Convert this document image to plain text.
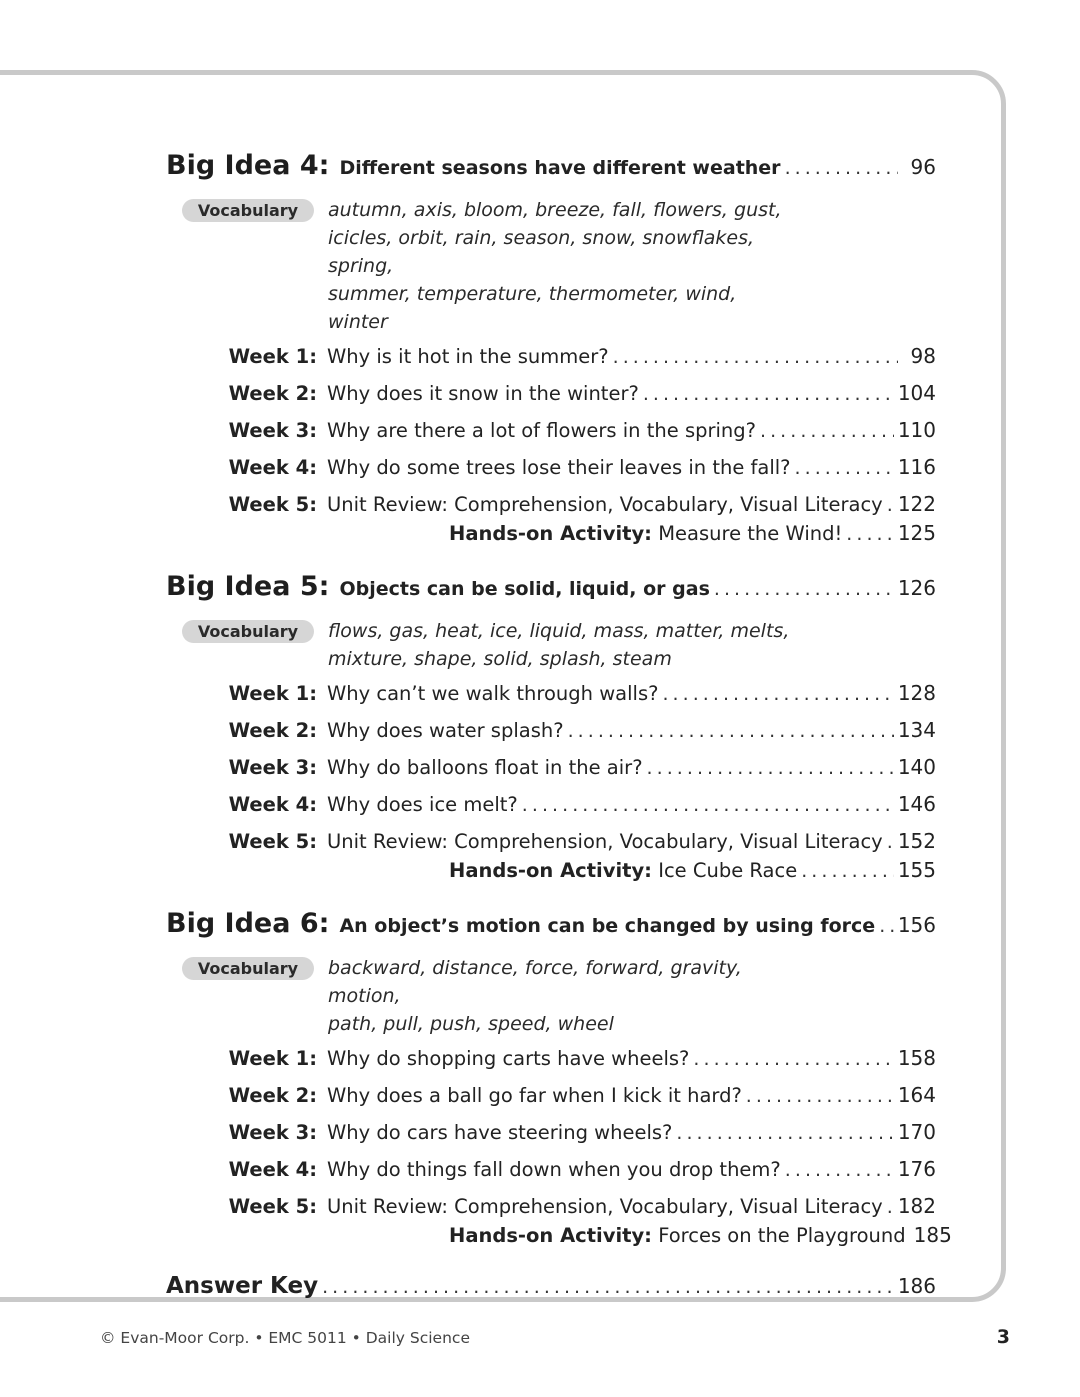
Big Idea 4: Different seasons have different weather . . .	96
Vocabulary	autumn, axis, bloom, breeze, fall, flowers, gust,
icicles, orbit, rain, season, snow, snowflakes, spring,
summer, temperature, thermometer, wind, winter
Week 1: Why is it hot in the summer? . . .	98
Week 2: Why does it snow in the winter? . . .	104
Week 3: Why are there a lot of flowers in the spring? . . .	110
Week 4: Why do some trees lose their leaves in the fall? . . .	116
Week 5: Unit Review: Comprehension, Vocabulary, Visual Literacy . . . 122
Hands-on Activity: Measure the Wind! . . .	125
Big Idea 5: Objects can be solid, liquid, or gas . . .	126
Vocabulary	flows, gas, heat, ice, liquid, mass, matter, melts,
mixture, shape, solid, splash, steam
Week 1: Why can’t we walk through walls? . . .	128
Week 2: Why does water splash? . . .	134
Week 3: Why do balloons float in the air? . . .	140
Week 4: Why does ice melt? . . .	146
Week 5: Unit Review: Comprehension, Vocabulary, Visual Literacy . . . 152
Hands-on Activity: Ice Cube Race . . .	155
Big Idea 6: An object’s motion can be changed by using force . . . 156
Vocabulary	backward, distance, force, forward, gravity, motion,
path, pull, push, speed, wheel
Week 1: Why do shopping carts have wheels? . . .	158
Week 2: Why does a ball go far when I kick it hard? . . .	164
Week 3: Why do cars have steering wheels? . . .	170
Week 4: Why do things fall down when you drop them? . . .	176
Week 5: Unit Review: Comprehension, Vocabulary, Visual Literacy . . . 182
Hands-on Activity: Forces on the Playground 185
Answer Key . . .	186
© Evan-Moor Corp. • EMC 5011 • Daily Science	3
